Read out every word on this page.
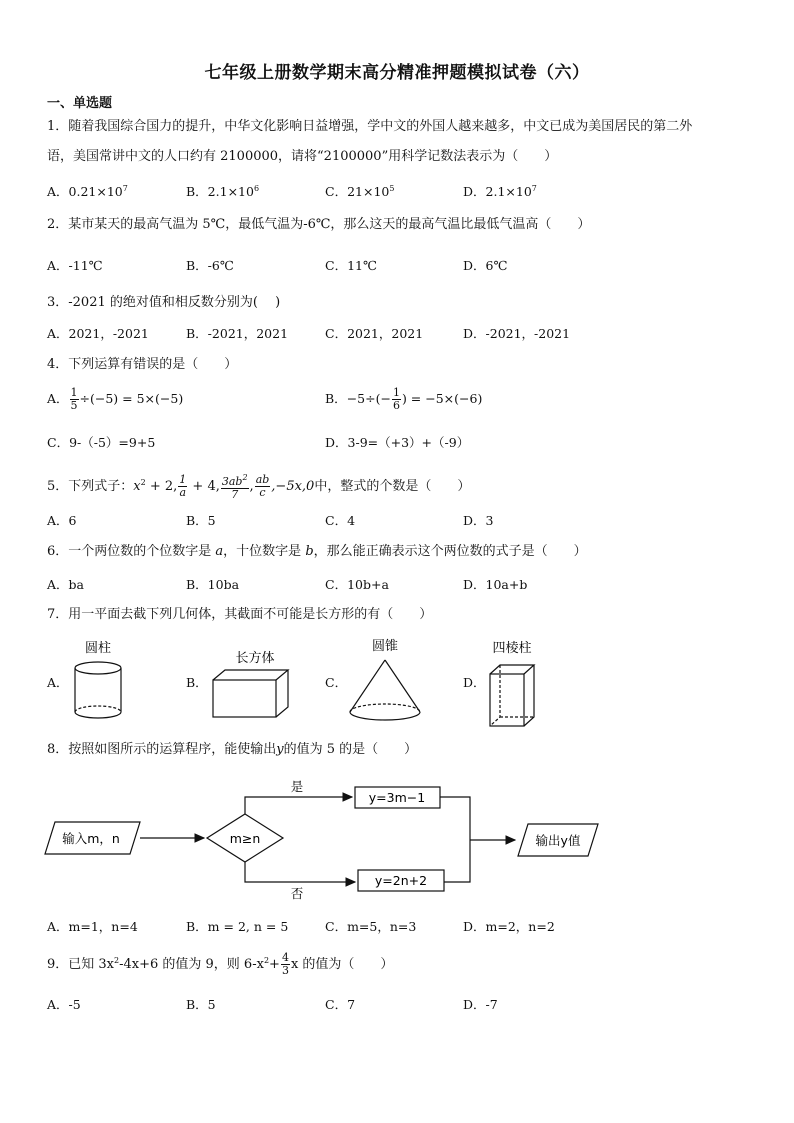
七年级上册数学期末高分精准押题模拟试卷（六）
一、单选题
1．随着我国综合国力的提升，中华文化影响日益增强，学中文的外国人越来越多，中文已成为美国居民的第二外
语，美国常讲中文的人口约有 2100000，请将“2100000”用科学记数法表示为（　　）
A．$0.21\times 10^7$	B．$2.1\times 10^6$	C．$21\times 10^5$	D．$2.1\times 10^7$
2．某市某天的最高气温为 5℃，最低气温为-6℃，那么这天的最高气温比最低气温高（　　）
A．-11℃	B．-6℃	C．11℃	D．6℃
3．-2021 的绝对值和相反数分别为(　 )
A．2021，-2021	B．-2021，2021	C．2021，2021	D．-2021，-2021
4．下列运算有错误的是（　　）
A． $\frac{1}{5} \div(-5) = 5\times(-5)$	B．$-5\div(- \frac{1}{6}$ ) = −5×(−6)
C．9-（-5）=9+5	D．3-9=（+3）+（-9）
5．下列式子：$x^2 + 2$, $\frac{1}{a} + 4$, $\frac{3ab^2}{7}$ , $\frac{ab}{c} ,-5x,0$中，整式的个数是（　　）
A．6	B．5	C．4	D．3
6．一个两位数的个位数字是 a，十位数字是 b，那么能正确表示这个两位数的式子是（　　）
A．ba	B．10ba	C．10b+a	D．10a+b
7．用一平面去截下列几何体，其截面不可能是长方形的有（　　）
A．	B．	C．	D．
圆柱
长方体
圆锥	四棱柱
8．按照如图所示的运算程序，能使输出y的值为 5 的是（　　）
输入m，n	m≥n
是
否
y=3m−1
y=2n+2
输出y值
A．m=1，n=4	B．m = 2, n = 5	C．m=5，n=3	D．m=2，n=2
9．已知 $3x^2-4x+6$ 的值为 9，则 $6-x^2+ \frac{4}{3}$ x 的值为（　　）
A．-5	B．5	C．7	D．-7
